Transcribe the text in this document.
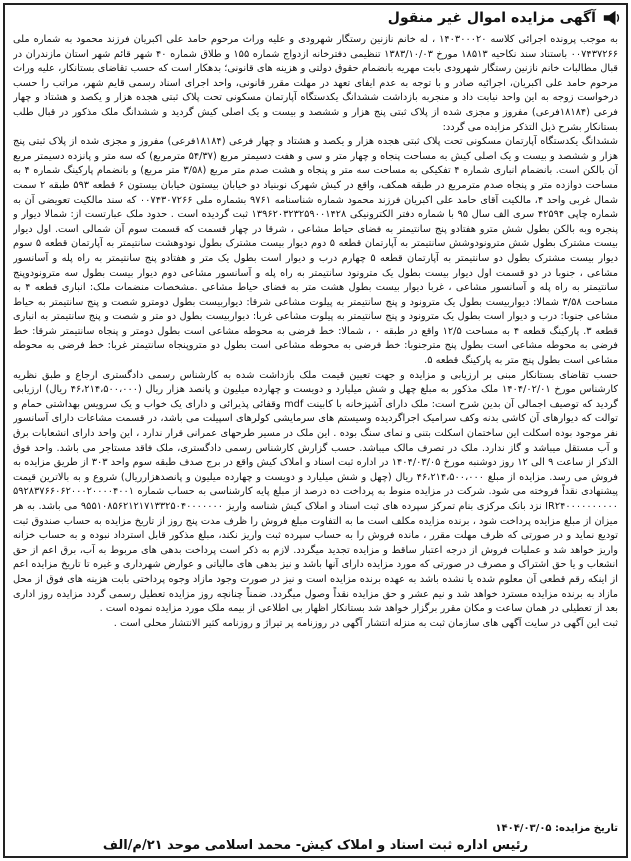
آگهی مزایده اموال غیر منقول

به موجب پرونده اجرائی کلاسه ۱۴۰۳۰۰۰۲۰ ، له خانم نازنین رستگار شهرودی و علیه وراث مرحوم حامد علی اکبریان فرزند محمود به شماره ملی ۰۰۷۴۳۷۲۶۶ باستناد سند نکاحیه ۱۸۵۱۳ مورخ ۱۳۸۳/۱۰/۰۳ تنظیمی دفترخانه ازدواج شماره ۱۵۵ و طلاق شماره ۴۰ شهر قائم شهر استان مازندران در قبال مطالبات خانم نازنین رستگار شهرودی بابت مهریه بانضمام حقوق دولتی و هزینه های قانونی؛ بدهکار است که حسب تقاضای بستانکار، علیه وراث مرحوم حامد علی اکبریان، اجرائیه صادر و با توجه به عدم ایفای تعهد در مهلت مقرر قانونی، واحد اجرای اسناد رسمی قایم شهر، مراتب را حسب درخواست زوجه به این واحد نیابت داد و منجربه بازداشت ششدانگ یکدستگاه آپارتمان مسکونی تحت پلاک ثبتی هجده هزار و یکصد و هشتاد و چهار فرعی (۱۸۱۸۴فرعی) مفروز و مجزی شده از پلاک ثبتی پنج هزار و ششصد و بیست و یک اصلی کیش گردید و ششدانگ ملک مذکور در قبال طلب بستانکار بشرح ذیل التذکر مزایده می گردد:

ششدانگ یکدستگاه آپارتمان مسکونی تحت پلاک ثبتی هجده هزار و یکصد و هشتاد و چهار فرعی (۱۸۱۸۴فرعی) مفروز و مجزی شده از پلاک ثبتی پنج هزار و ششصد و بیست و یک اصلی کیش به مساحت پنجاه و چهار متر و سی و هفت دسیمتر مربع (۵۴/۳۷ مترمربع) که سه متر و پانزده دسیمتر مربع آن بالکن است. بانضمام انباری شماره ۴ تفکیکی به مساحت سه متر و پنجاه و هشت صدم متر مربع (۳/۵۸ متر مربع) و بانضمام پارکینگ شماره ۴ به مساحت دوازده متر و پنجاه صدم مترمربع در طبقه همکف، واقع در کیش شهرک نوبنیاد دو خیابان بیستون خیابان بیستون ۶ قطعه ۵۹۳ طبقه ۲ سمت شمال غربی واحد ۴، مالکیت آقای حامد علی اکبریان فرزند محمود شماره شناسنامه ۹۷۶۱ بشماره ملی ۰۰۷۴۳۰۷۲۶۶ که سند مالکیت تعویضی آن به شماره چاپی ۴۲۵۹۴ سری الف سال ۹۵ با شماره دفتر الکترونیکی ۱۳۹۶۲۰۳۲۳۲۵۹۰۰۱۴۲۸ ثبت گردیده است . حدود ملک عبارتست از: شمالا دیوار و پنجره وبه بالکن بطول شش مترو هفتادو پنج سانتیمتر به فضای حیاط مشاعی ، شرقا در چهار قسمت که قسمت سوم آن شمالی است. اول دیوار بیست مشترک بطول شش مترونودوشش سانتیمتر به آپارتمان قطعه ۵ دوم دیوار بیست مشترک بطول نودوهشت سانتیمتر به آپارتمان قطعه ۵ سوم دیوار بیست مشترک بطول دو سانتیمتر به آپارتمان قطعه ۵ چهارم درب و دیوار است بطول یک متر و هفتادو پنج سانتیمتر به راه پله و آسانسور مشاعی ، جنوبا در دو قسمت اول دیوار بیست بطول یک مترونود سانتیمتر به راه پله و آسانسور مشاعی دوم دیوار بیست بطول سه مترونودوپنج سانتیمتر به راه پله و آسانسور مشاعی ، غربا دیوار بیست بطول هشت متر به فضای حیاط مشاعی .مشخصات منضمات ملک: انباری قطعه ۴ به مساحت ۳/۵۸ شمالا: دیواربیست بطول یک مترونود و پنج سانتیمتر به پیلوت مشاعی شرقا: دیواربیست بطول دومترو شصت و پنج سانتیمتر به حیاط مشاعی جنوبا: درب و دیوار است بطول یک مترونود و پنج سانتیمتر به پیلوت مشاعی غربا: دیواربیست بطول دو متر و شصت و پنج سانتیمتر به انباری قطعه ۳. پارکینگ قطعه ۴ به مساحت ۱۲/۵ واقع در طبقه ۰ ، شمالا: خط فرضی به محوطه مشاعی است بطول دومتر و پنجاه سانتیمتر شرقا: خط فرضی به محوطه مشاعی است بطول پنج مترجنوبا: خط فرضی به محوطه مشاعی است بطول دو متروپنجاه سانتیمتر غربا: خط فرضی به محوطه مشاعی است بطول پنج متر به پارکینگ قطعه ۵.

حسب تقاضای بستانکار مبنی بر ارزیابی و مزایده و جهت تعیین قیمت ملک بازداشت شده به کارشناس رسمی دادگستری ارجاع و طبق نظریه کارشناس مورخ ۱۴۰۴/۰۲/۰۱ ملک مذکور به مبلغ چهل و شش میلیارد و دویست و چهارده میلیون و پانصد هزار ریال (۴۶،۲۱۴،۵۰۰،۰۰۰ ریال) ارزیابی گردید که توصیف اجمالی آن بدین شرح است: ملک دارای آشپزخانه با کابینت mdf وقفائی پذیرائی و دارای یک خواب و یک سرویس بهداشتی حمام و توالت که دیوارهای آن کاشی بدنه وکف سرامیک اجراگردیده وسیستم های سرمایشی کولرهای اسپیلت می باشد، در قسمت مشاعات دارای آسانسور نفر موجود بوده اسکلت این ساختمان اسکلت بتنی و نمای سنگ بوده . این ملک در مسیر طرحهای عمرانی قرار ندارد ، این واحد دارای انشعابات برق و آب مستقل میباشد و گاز ندارد. ملک در تصرف مالک میباشد. حسب گزارش کارشناس رسمی دادگستری، ملک فاقد مستاجر می باشد. واحد فوق الذکر از ساعت ۹ الی ۱۲ روز دوشنبه مورخ ۱۴۰۴/۰۳/۰۵ در اداره ثبت اسناد و املاک کیش واقع در برج صدف طبقه سوم واحد ۳۰۳ از طریق مزایده به فروش می رسد. مزایده از مبلغ ۴۶،۲۱۴،۵۰۰،۰۰۰ ریال (چهل و شش میلیارد و دویست و چهارده میلیون و پانصدهزارریال) شروع و به بالاترین قیمت پیشنهادی نقداً فروخته می شود. شرکت در مزایده منوط به پرداخت ده درصد از مبلغ پایه کارشناسی به حساب شماره ۵۹۲۸۳۷۶۶۰۶۲۰۰۰۲۰۰۰۰۴۰۰۱ IR۲۴۰۰۰۰۰۰۰۰۰۰ نزد بانک مرکزی بنام تمرکز سپرده های ثبت اسناد و املاک کیش شناسه واریز ۹۵۵۱۰۸۵۶۲۱۲۱۷۱۳۳۲۵۰۴۰۰۰۰۰۰۰ می باشد. به هر میزان از مبلغ مزایده پرداخت شود ، برنده مزایده مکلف است ما به التفاوت مبلغ فروش را ظرف مدت پنج روز از تاریخ مزایده به حساب صندوق ثبت تودیع نماید و در صورتی که ظرف مهلت مقرر ، مانده فروش را به حساب سپرده ثبت واریز نکند، مبلغ مذکور قابل استرداد نبوده و به حساب خزانه واریز خواهد شد و عملیات فروش از درجه اعتبار ساقط و مزایده تجدید میگردد. لازم به ذکر است پرداخت بدهی های مربوط به آب، برق اعم از حق انشعاب و یا حق اشتراک و مصرف در صورتی که مورد مزایده دارای آنها باشد و نیز بدهی های مالیاتی و عوارض شهرداری و غیره تا تاریخ مزایده اعم از اینکه رقم قطعی آن معلوم شده یا نشده باشد به عهده برنده مزایده است و نیز در صورت وجود مازاد وجوه پرداختی بابت هزینه های فوق از محل مازاد به برنده مزایده مسترد خواهد شد و نیم عشر و حق مزایده نقداً وصول میگردد. ضمناً چنانچه روز مزایده تعطیل رسمی گردد مزایده روز اداری بعد از تعطیلی در همان ساعت و مکان مقرر برگزار خواهد شد بستانکار اظهار بی اطلاعی از بیمه ملک مورد مزایده نموده است .

ثبت این آگهی در سایت آگهی های سازمان ثبت به منزله انتشار آگهی در روزنامه پر تیراژ و روزنامه کثیر الانتشار محلی است .

تاریخ مزایده: ۱۴۰۴/۰۳/۰۵
رئیس اداره ثبت اسناد و املاک کیش- محمد اسلامی موحد ۲۱/م/الف
